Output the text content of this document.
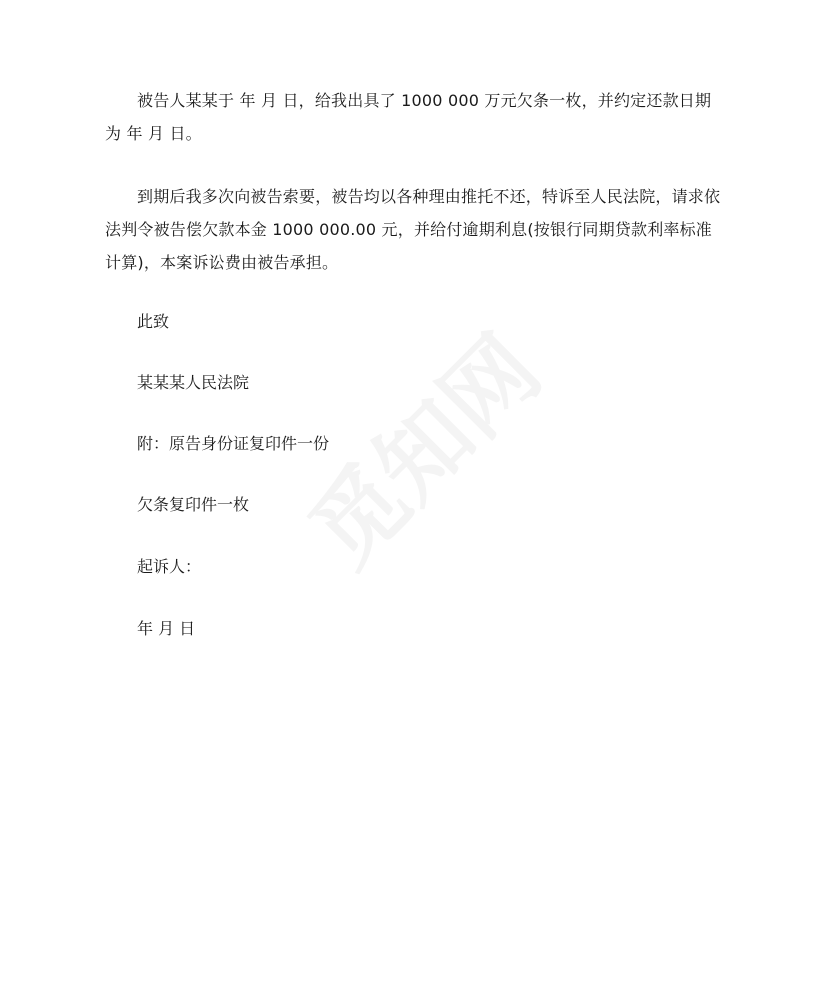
被告人某某于 年 月 日，给我出具了 1000 000 万元欠条一枚，并约定还款日期为 年 月 日。

到期后我多次向被告索要，被告均以各种理由推托不还，特诉至人民法院，请求依法判令被告偿欠款本金 1000 000.00 元，并给付逾期利息(按银行同期贷款利率标准计算)，本案诉讼费由被告承担。

此致

某某某人民法院

附：原告身份证复印件一份

欠条复印件一枚

起诉人：

年 月 日

觅知网
